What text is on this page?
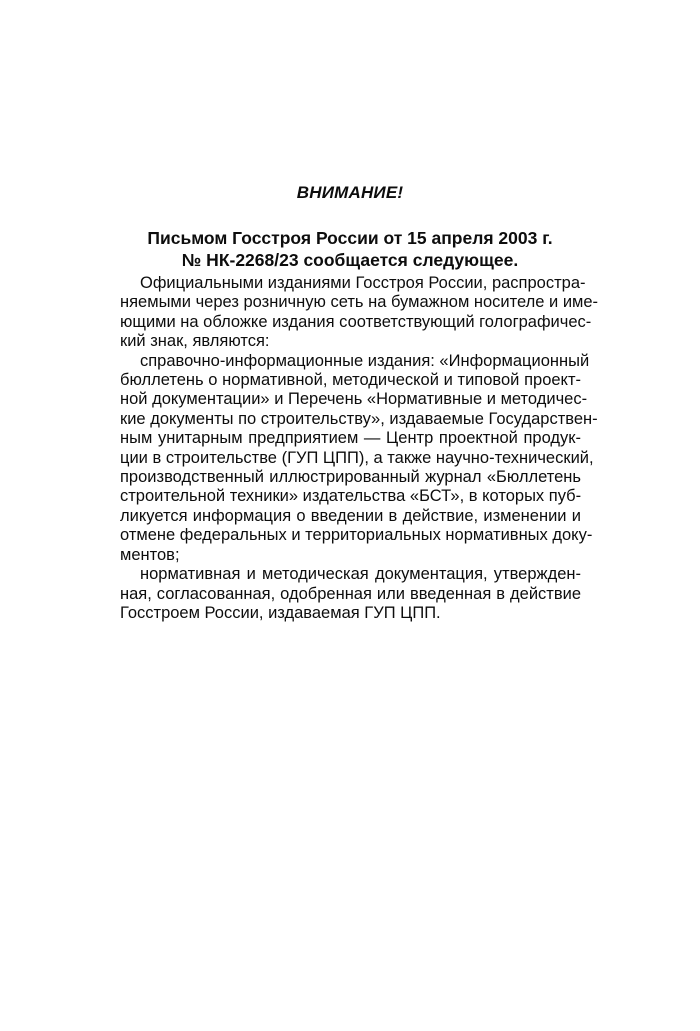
ВНИМАНИЕ!
Письмом Госстроя России от 15 апреля 2003 г.
№ НК-2268/23 сообщается следующее.

Официальными изданиями Госстроя России, распростра-
няемыми через розничную сеть на бумажном носителе и име-
ющими на обложке издания соответствующий голографичес-
кий знак, являются:

справочно-информационные издания: «Информационный
бюллетень о нормативной, методической и типовой проект-
ной документации» и Перечень «Нормативные и методичес-
кие документы по строительству», издаваемые Государствен-
ным унитарным предприятием — Центр проектной продук-
ции в строительстве (ГУП ЦПП), а также научно-технический,
производственный иллюстрированный журнал «Бюллетень
строительной техники» издательства «БСТ», в которых пуб-
ликуется информация о введении в действие, изменении и
отмене федеральных и территориальных нормативных доку-
ментов;

нормативная и методическая документация, утвержден-
ная, согласованная, одобренная или введенная в действие
Госстроем России, издаваемая ГУП ЦПП.
